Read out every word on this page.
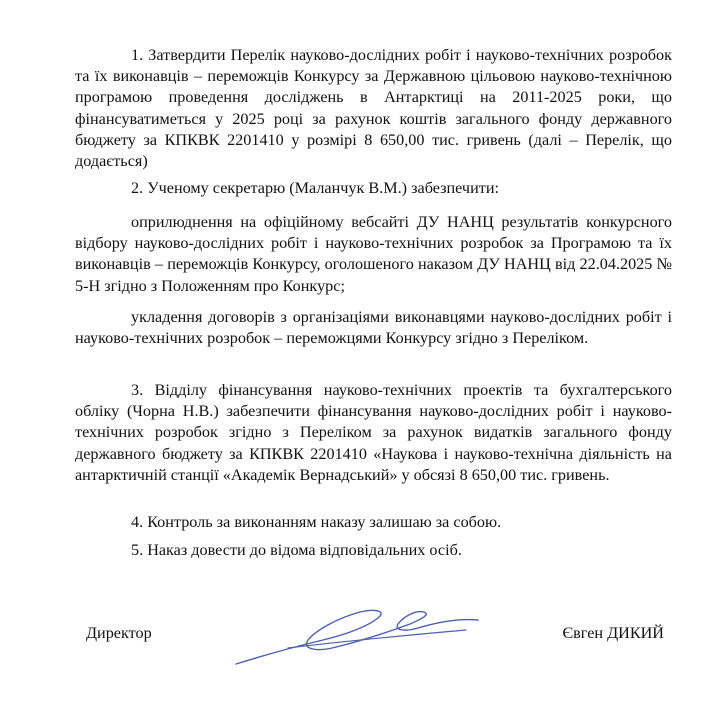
1. Затвердити Перелік науково-дослідних робіт і науково-технічних розробок та їх виконавців – переможців Конкурсу за Державною цільовою науково-технічною програмою проведення досліджень в Антарктиці на 2011-2025 роки, що фінансуватиметься у 2025 році за рахунок коштів загального фонду державного бюджету за КПКВК 2201410 у розмірі 8 650,00 тис. гривень (далі – Перелік, що додається)

2. Ученому секретарю (Маланчук В.М.) забезпечити:

оприлюднення на офіційному вебсайті ДУ НАНЦ результатів конкурсного відбору науково-дослідних робіт і науково-технічних розробок за Програмою та їх виконавців – переможців Конкурсу, оголошеного наказом ДУ НАНЦ від 22.04.2025 № 5-Н згідно з Положенням про Конкурс;

укладення договорів з організаціями виконавцями науково-дослідних робіт і науково-технічних розробок – переможцями Конкурсу згідно з Переліком.

3. Відділу фінансування науково-технічних проектів та бухгалтерського обліку (Чорна Н.В.) забезпечити фінансування науково-дослідних робіт і науково-технічних розробок згідно з Переліком за рахунок видатків загального фонду державного бюджету за КПКВК 2201410 «Наукова і науково-технічна діяльність на антарктичній станції «Академік Вернадський» у обсязі 8 650,00 тис. гривень.

4. Контроль за виконанням наказу залишаю за собою.

5. Наказ довести до відома відповідальних осіб.

Директор	Євген ДИКИЙ
